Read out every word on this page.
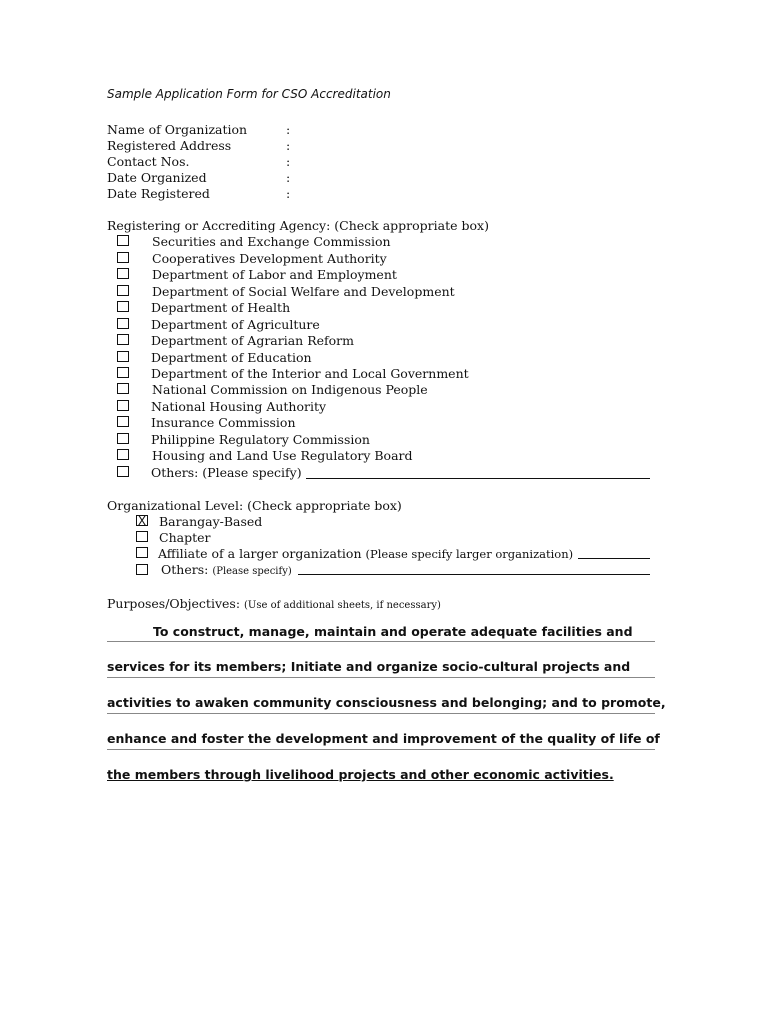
Sample Application Form for CSO Accreditation
Name of Organization	:
Registered Address	:
Contact Nos.	:
Date Organized	:
Date Registered	:
Registering or Accrediting Agency: (Check appropriate box)
Securities and Exchange Commission
Cooperatives Development Authority
Department of Labor and Employment
Department of Social Welfare and Development
Department of Health
Department of Agriculture
Department of Agrarian Reform
Department of Education
Department of the Interior and Local Government
National Commission on Indigenous People
National Housing Authority
Insurance Commission
Philippine Regulatory Commission
Housing and Land Use Regulatory Board
Others: (Please specify)
Organizational Level: (Check appropriate box)
X Barangay-Based
Chapter
Affiliate of a larger organization (Please specify larger organization)
Others: (Please specify)
Purposes/Objectives: (Use of additional sheets, if necessary)
To construct, manage, maintain and operate adequate facilities and
services for its members; Initiate and organize socio-cultural projects and
activities to awaken community consciousness and belonging; and to promote,
enhance and foster the development and improvement of the quality of life of
the members through livelihood projects and other economic activities.
